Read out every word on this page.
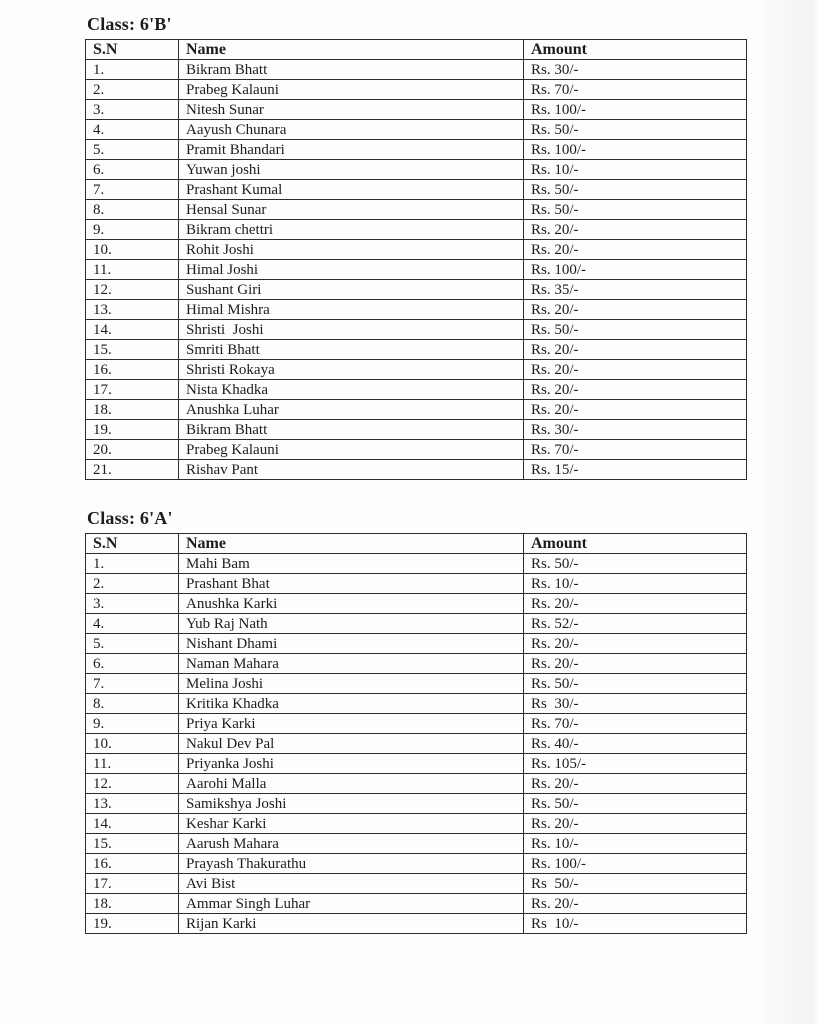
Class: 6'B'
S.N	Name	Amount
1.	Bikram Bhatt	Rs. 30/-
2.	Prabeg Kalauni	Rs. 70/-
3.	Nitesh Sunar	Rs. 100/-
4.	Aayush Chunara	Rs. 50/-
5.	Pramit Bhandari	Rs. 100/-
6.	Yuwan joshi	Rs. 10/-
7.	Prashant Kumal	Rs. 50/-
8.	Hensal Sunar	Rs. 50/-
9.	Bikram chettri	Rs. 20/-
10.	Rohit Joshi	Rs. 20/-
11.	Himal Joshi	Rs. 100/-
12.	Sushant Giri	Rs. 35/-
13.	Himal Mishra	Rs. 20/-
14.	Shristi  Joshi	Rs. 50/-
15.	Smriti Bhatt	Rs. 20/-
16.	Shristi Rokaya	Rs. 20/-
17.	Nista Khadka	Rs. 20/-
18.	Anushka Luhar	Rs. 20/-
19.	Bikram Bhatt	Rs. 30/-
20.	Prabeg Kalauni	Rs. 70/-
21.	Rishav Pant	Rs. 15/-
Class: 6'A'
S.N	Name	Amount
1.	Mahi Bam	Rs. 50/-
2.	Prashant Bhat	Rs. 10/-
3.	Anushka Karki	Rs. 20/-
4.	Yub Raj Nath	Rs. 52/-
5.	Nishant Dhami	Rs. 20/-
6.	Naman Mahara	Rs. 20/-
7.	Melina Joshi	Rs. 50/-
8.	Kritika Khadka	Rs  30/-
9.	Priya Karki	Rs. 70/-
10.	Nakul Dev Pal	Rs. 40/-
11.	Priyanka Joshi	Rs. 105/-
12.	Aarohi Malla	Rs. 20/-
13.	Samikshya Joshi	Rs. 50/-
14.	Keshar Karki	Rs. 20/-
15.	Aarush Mahara	Rs. 10/-
16.	Prayash Thakurathu	Rs. 100/-
17.	Avi Bist	Rs  50/-
18.	Ammar Singh Luhar	Rs. 20/-
19.	Rijan Karki	Rs  10/-
